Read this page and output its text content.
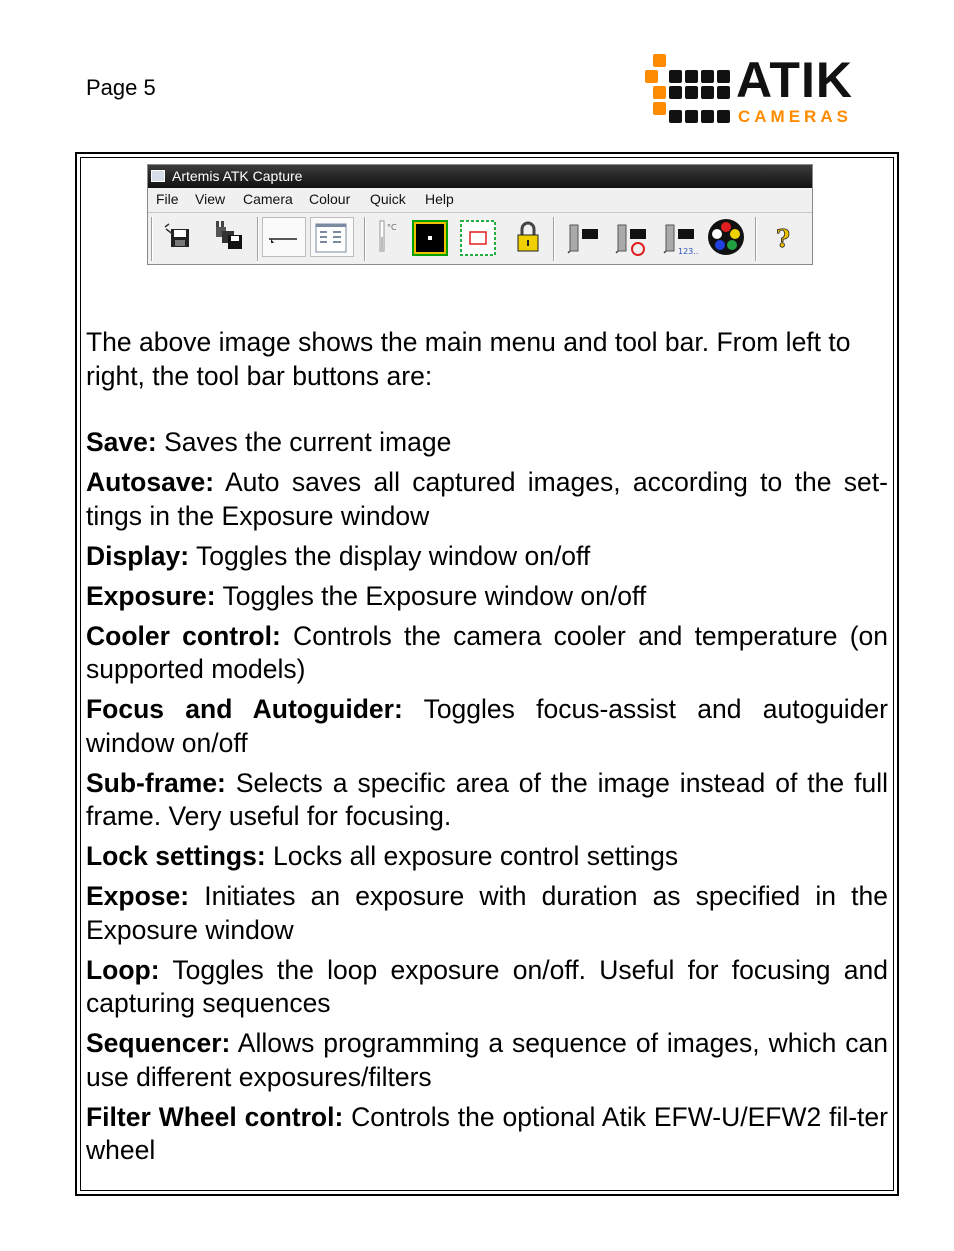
Page 5	ATIK
CAMERAS
Artemis ATK Capture
File View Camera Colour Quick Help
°C
123..	?

The above image shows the main menu and tool bar. From left to right, the tool bar buttons are:

Save: Saves the current image

Autosave: Auto saves all captured images, according to the set-tings in the Exposure window

Display: Toggles the display window on/off

Exposure: Toggles the Exposure window on/off

Cooler control: Controls the camera cooler and temperature (on supported models)

Focus and Autoguider: Toggles focus-assist and autoguider window on/off

Sub-frame: Selects a specific area of the image instead of the full frame. Very useful for focusing.

Lock settings: Locks all exposure control settings

Expose: Initiates an exposure with duration as specified in the Exposure window

Loop: Toggles the loop exposure on/off. Useful for focusing and capturing sequences

Sequencer: Allows programming a sequence of images, which can use different exposures/filters

Filter Wheel control: Controls the optional Atik EFW-U/EFW2 fil-ter wheel
